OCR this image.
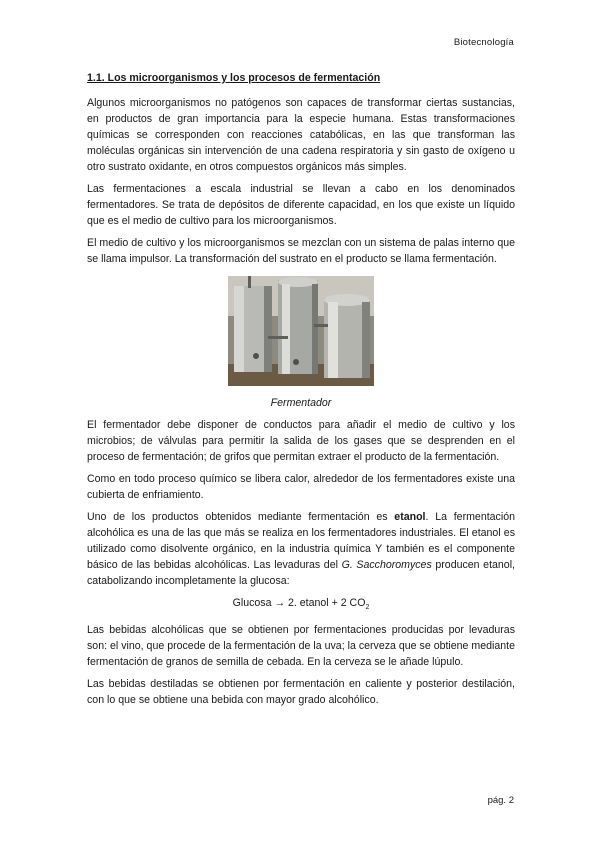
Biotecnología
1.1. Los microorganismos y los procesos de fermentación

Algunos microorganismos no patógenos son capaces de transformar ciertas sustancias, en productos de gran importancia para la especie humana. Estas transformaciones químicas se corresponden con reacciones catabólicas, en las que transforman las moléculas orgánicas sin intervención de una cadena respiratoria y sin gasto de oxígeno u otro sustrato oxidante, en otros compuestos orgánicos más simples.

Las fermentaciones a escala industrial se llevan a cabo en los denominados fermentadores. Se trata de depósitos de diferente capacidad, en los que existe un líquido que es el medio de cultivo para los microorganismos.

El medio de cultivo y los microorganismos se mezclan con un sistema de palas interno que se llama impulsor. La transformación del sustrato en el producto se llama fermentación.

Fermentador

El fermentador debe disponer de conductos para añadir el medio de cultivo y los microbios; de válvulas para permitir la salida de los gases que se desprenden en el proceso de fermentación; de grifos que permitan extraer el producto de la fermentación.

Como en todo proceso químico se libera calor, alrededor de los fermentadores existe una cubierta de enfriamiento.

Uno de los productos obtenidos mediante fermentación es etanol. La fermentación alcohólica es una de las que más se realiza en los fermentadores industriales. El etanol es utilizado como disolvente orgánico, en la industria química Y también es el componente básico de las bebidas alcohólicas. Las levaduras del G. Sacchoromyces producen etanol, catabolizando incompletamente la glucosa:

Glucosa → 2. etanol + 2 $CO_2$

Las bebidas alcohólicas que se obtienen por fermentaciones producidas por levaduras son: el vino, que procede de la fermentación de la uva; la cerveza que se obtiene mediante fermentación de granos de semilla de cebada. En la cerveza se le añade lúpulo.

Las bebidas destiladas se obtienen por fermentación en caliente y posterior destilación, con lo que se obtiene una bebida con mayor grado alcohólico.

pág. 2
